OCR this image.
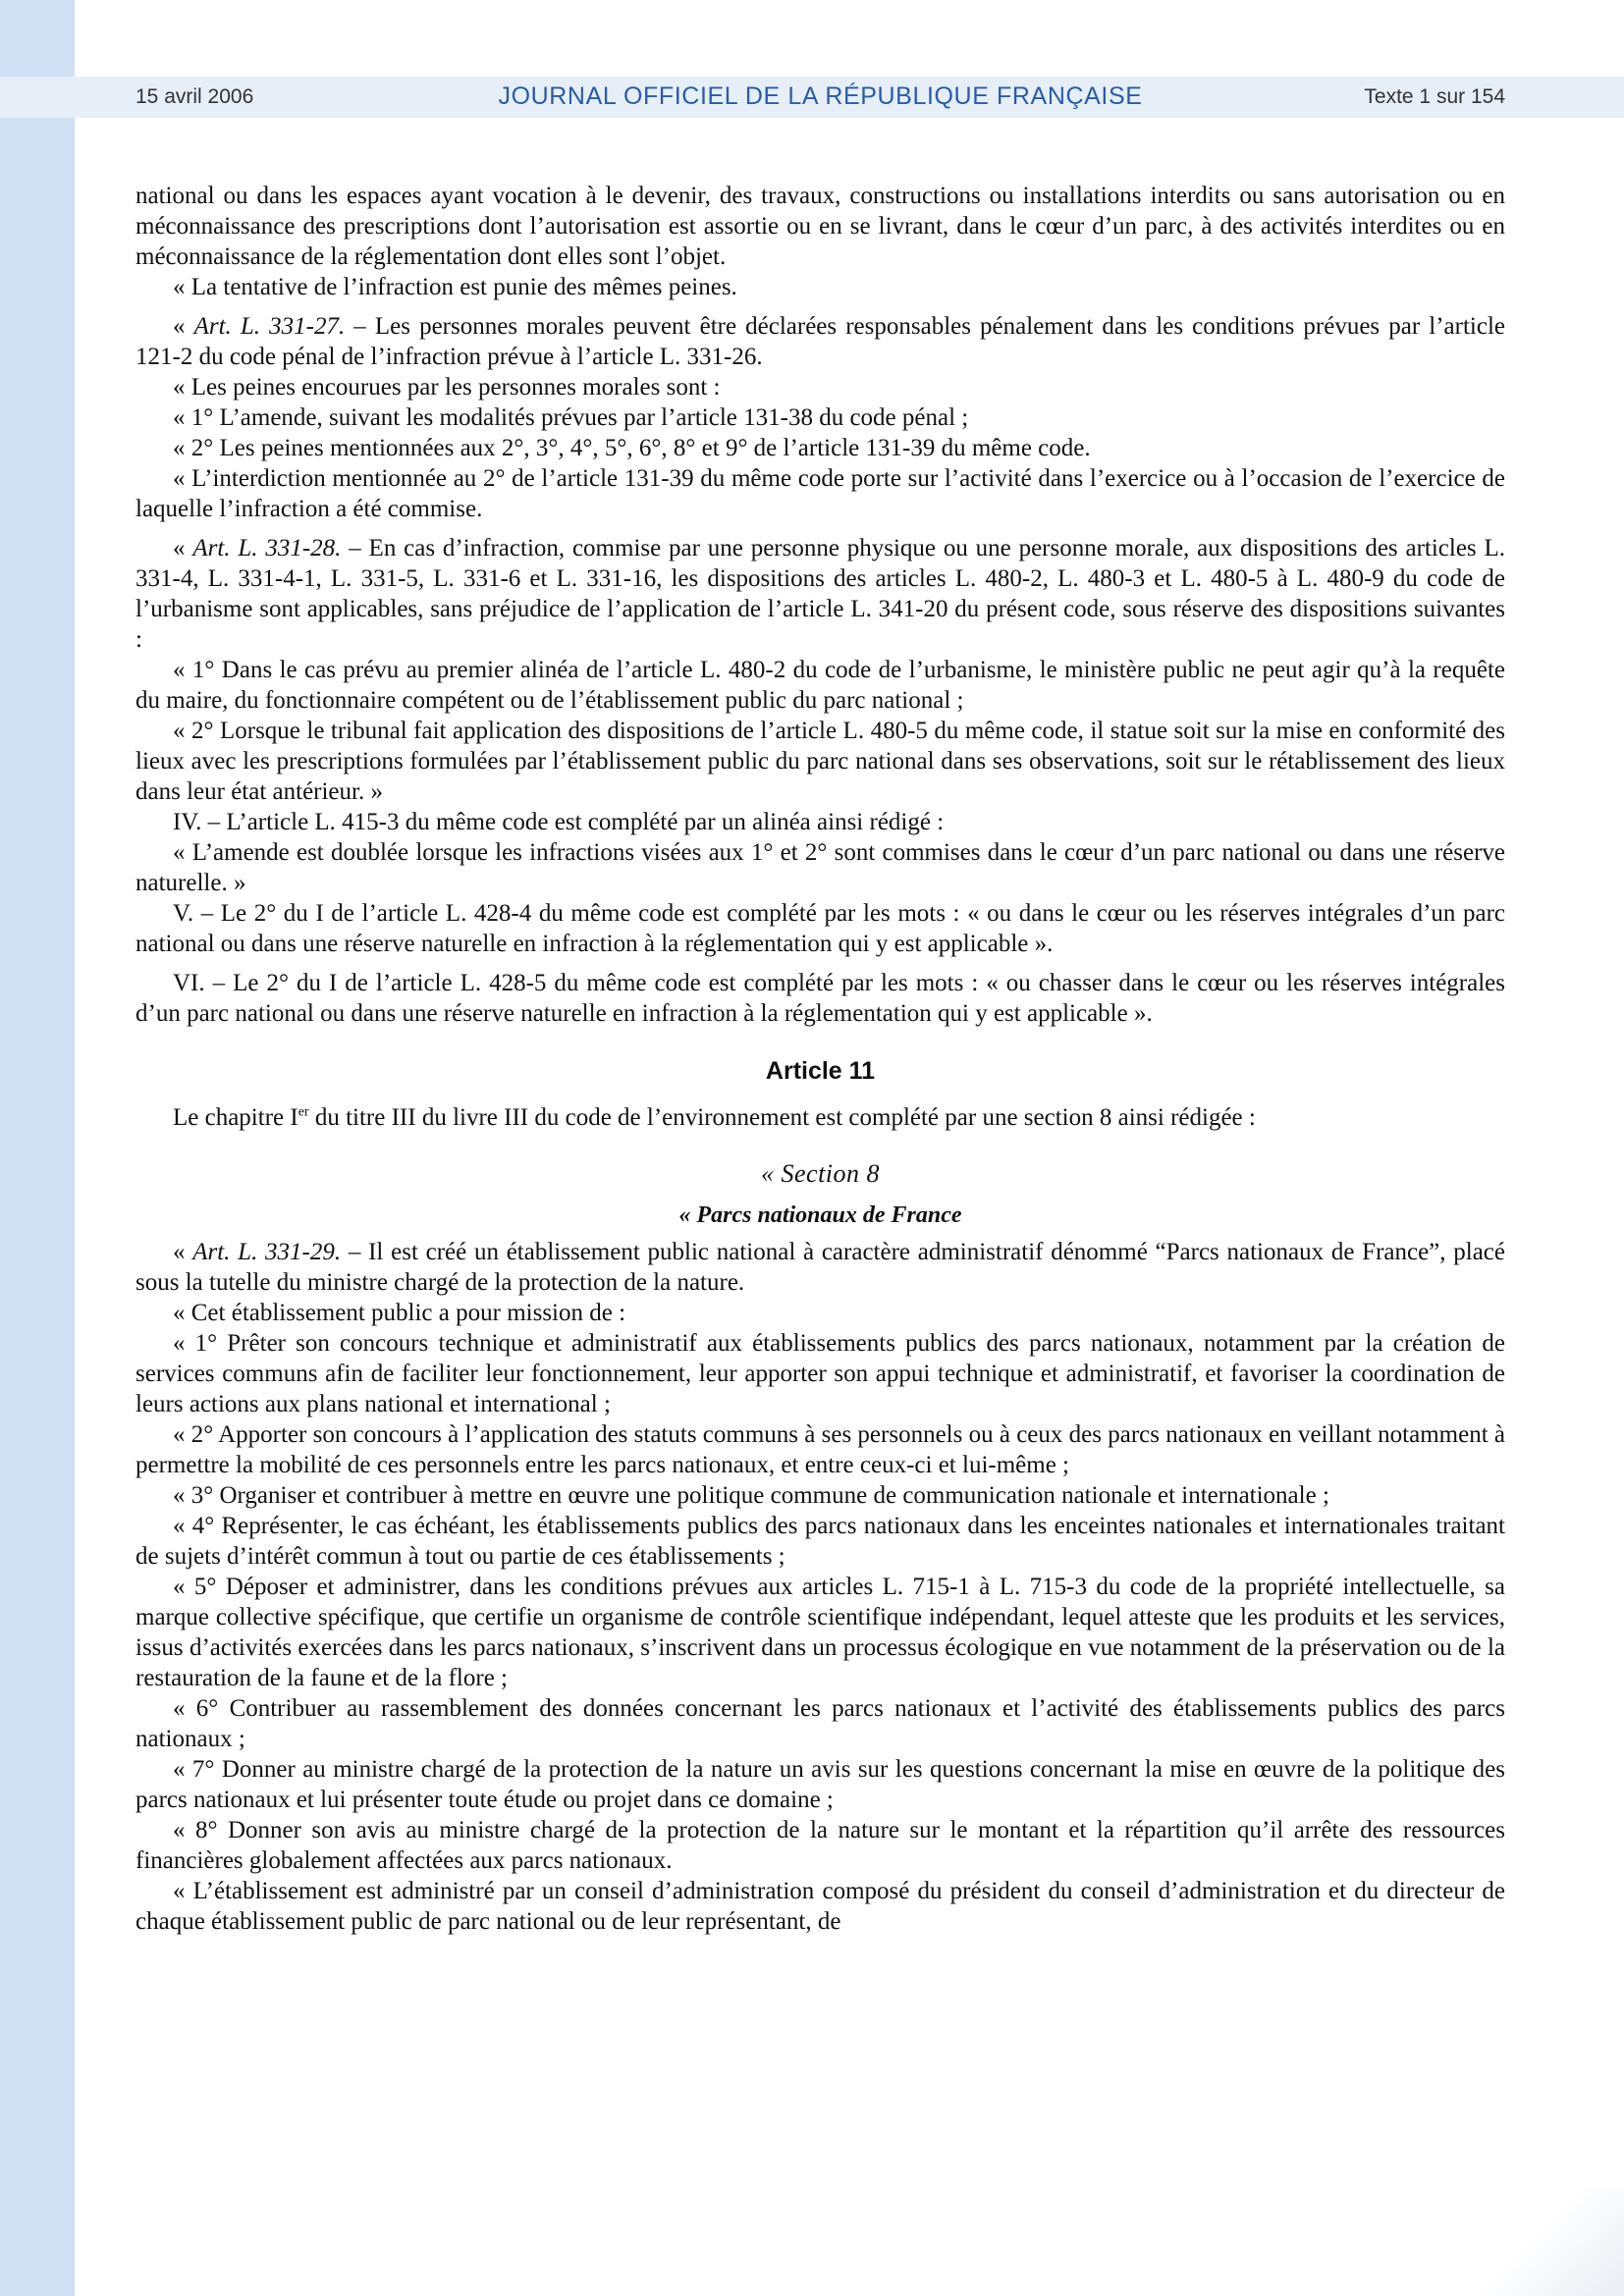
15 avril 2006	JOURNAL OFFICIEL DE LA RÉPUBLIQUE FRANÇAISE	Texte 1 sur 154

national ou dans les espaces ayant vocation à le devenir, des travaux, constructions ou installations interdits ou sans autorisation ou en méconnaissance des prescriptions dont l’autorisation est assortie ou en se livrant, dans le cœur d’un parc, à des activités interdites ou en méconnaissance de la réglementation dont elles sont l’objet.

« La tentative de l’infraction est punie des mêmes peines.

« Art. L. 331-27. – Les personnes morales peuvent être déclarées responsables pénalement dans les conditions prévues par l’article 121-2 du code pénal de l’infraction prévue à l’article L. 331-26.

« Les peines encourues par les personnes morales sont :

« 1° L’amende, suivant les modalités prévues par l’article 131-38 du code pénal ;

« 2° Les peines mentionnées aux 2°, 3°, 4°, 5°, 6°, 8° et 9° de l’article 131-39 du même code.

« L’interdiction mentionnée au 2° de l’article 131-39 du même code porte sur l’activité dans l’exercice ou à l’occasion de l’exercice de laquelle l’infraction a été commise.

« Art. L. 331-28. – En cas d’infraction, commise par une personne physique ou une personne morale, aux dispositions des articles L. 331-4, L. 331-4-1, L. 331-5, L. 331-6 et L. 331-16, les dispositions des articles L. 480-2, L. 480-3 et L. 480-5 à L. 480-9 du code de l’urbanisme sont applicables, sans préjudice de l’application de l’article L. 341-20 du présent code, sous réserve des dispositions suivantes :

« 1° Dans le cas prévu au premier alinéa de l’article L. 480-2 du code de l’urbanisme, le ministère public ne peut agir qu’à la requête du maire, du fonctionnaire compétent ou de l’établissement public du parc national ;

« 2° Lorsque le tribunal fait application des dispositions de l’article L. 480-5 du même code, il statue soit sur la mise en conformité des lieux avec les prescriptions formulées par l’établissement public du parc national dans ses observations, soit sur le rétablissement des lieux dans leur état antérieur. »

IV. – L’article L. 415-3 du même code est complété par un alinéa ainsi rédigé :

« L’amende est doublée lorsque les infractions visées aux 1° et 2° sont commises dans le cœur d’un parc national ou dans une réserve naturelle. »

V. – Le 2° du I de l’article L. 428-4 du même code est complété par les mots : « ou dans le cœur ou les réserves intégrales d’un parc national ou dans une réserve naturelle en infraction à la réglementation qui y est applicable ».

VI. – Le 2° du I de l’article L. 428-5 du même code est complété par les mots : « ou chasser dans le cœur ou les réserves intégrales d’un parc national ou dans une réserve naturelle en infraction à la réglementation qui y est applicable ».

Article 11

Le chapitre Ier du titre III du livre III du code de l’environnement est complété par une section 8 ainsi rédigée :

« Section 8
« Parcs nationaux de France

« Art. L. 331-29. – Il est créé un établissement public national à caractère administratif dénommé “Parcs nationaux de France”, placé sous la tutelle du ministre chargé de la protection de la nature.

« Cet établissement public a pour mission de :

« 1° Prêter son concours technique et administratif aux établissements publics des parcs nationaux, notamment par la création de services communs afin de faciliter leur fonctionnement, leur apporter son appui technique et administratif, et favoriser la coordination de leurs actions aux plans national et international ;

« 2° Apporter son concours à l’application des statuts communs à ses personnels ou à ceux des parcs nationaux en veillant notamment à permettre la mobilité de ces personnels entre les parcs nationaux, et entre ceux-ci et lui-même ;

« 3° Organiser et contribuer à mettre en œuvre une politique commune de communication nationale et internationale ;

« 4° Représenter, le cas échéant, les établissements publics des parcs nationaux dans les enceintes nationales et internationales traitant de sujets d’intérêt commun à tout ou partie de ces établissements ;

« 5° Déposer et administrer, dans les conditions prévues aux articles L. 715-1 à L. 715-3 du code de la propriété intellectuelle, sa marque collective spécifique, que certifie un organisme de contrôle scientifique indépendant, lequel atteste que les produits et les services, issus d’activités exercées dans les parcs nationaux, s’inscrivent dans un processus écologique en vue notamment de la préservation ou de la restauration de la faune et de la flore ;

« 6° Contribuer au rassemblement des données concernant les parcs nationaux et l’activité des établissements publics des parcs nationaux ;

« 7° Donner au ministre chargé de la protection de la nature un avis sur les questions concernant la mise en œuvre de la politique des parcs nationaux et lui présenter toute étude ou projet dans ce domaine ;

« 8° Donner son avis au ministre chargé de la protection de la nature sur le montant et la répartition qu’il arrête des ressources financières globalement affectées aux parcs nationaux.

« L’établissement est administré par un conseil d’administration composé du président du conseil d’administration et du directeur de chaque établissement public de parc national ou de leur représentant, de
